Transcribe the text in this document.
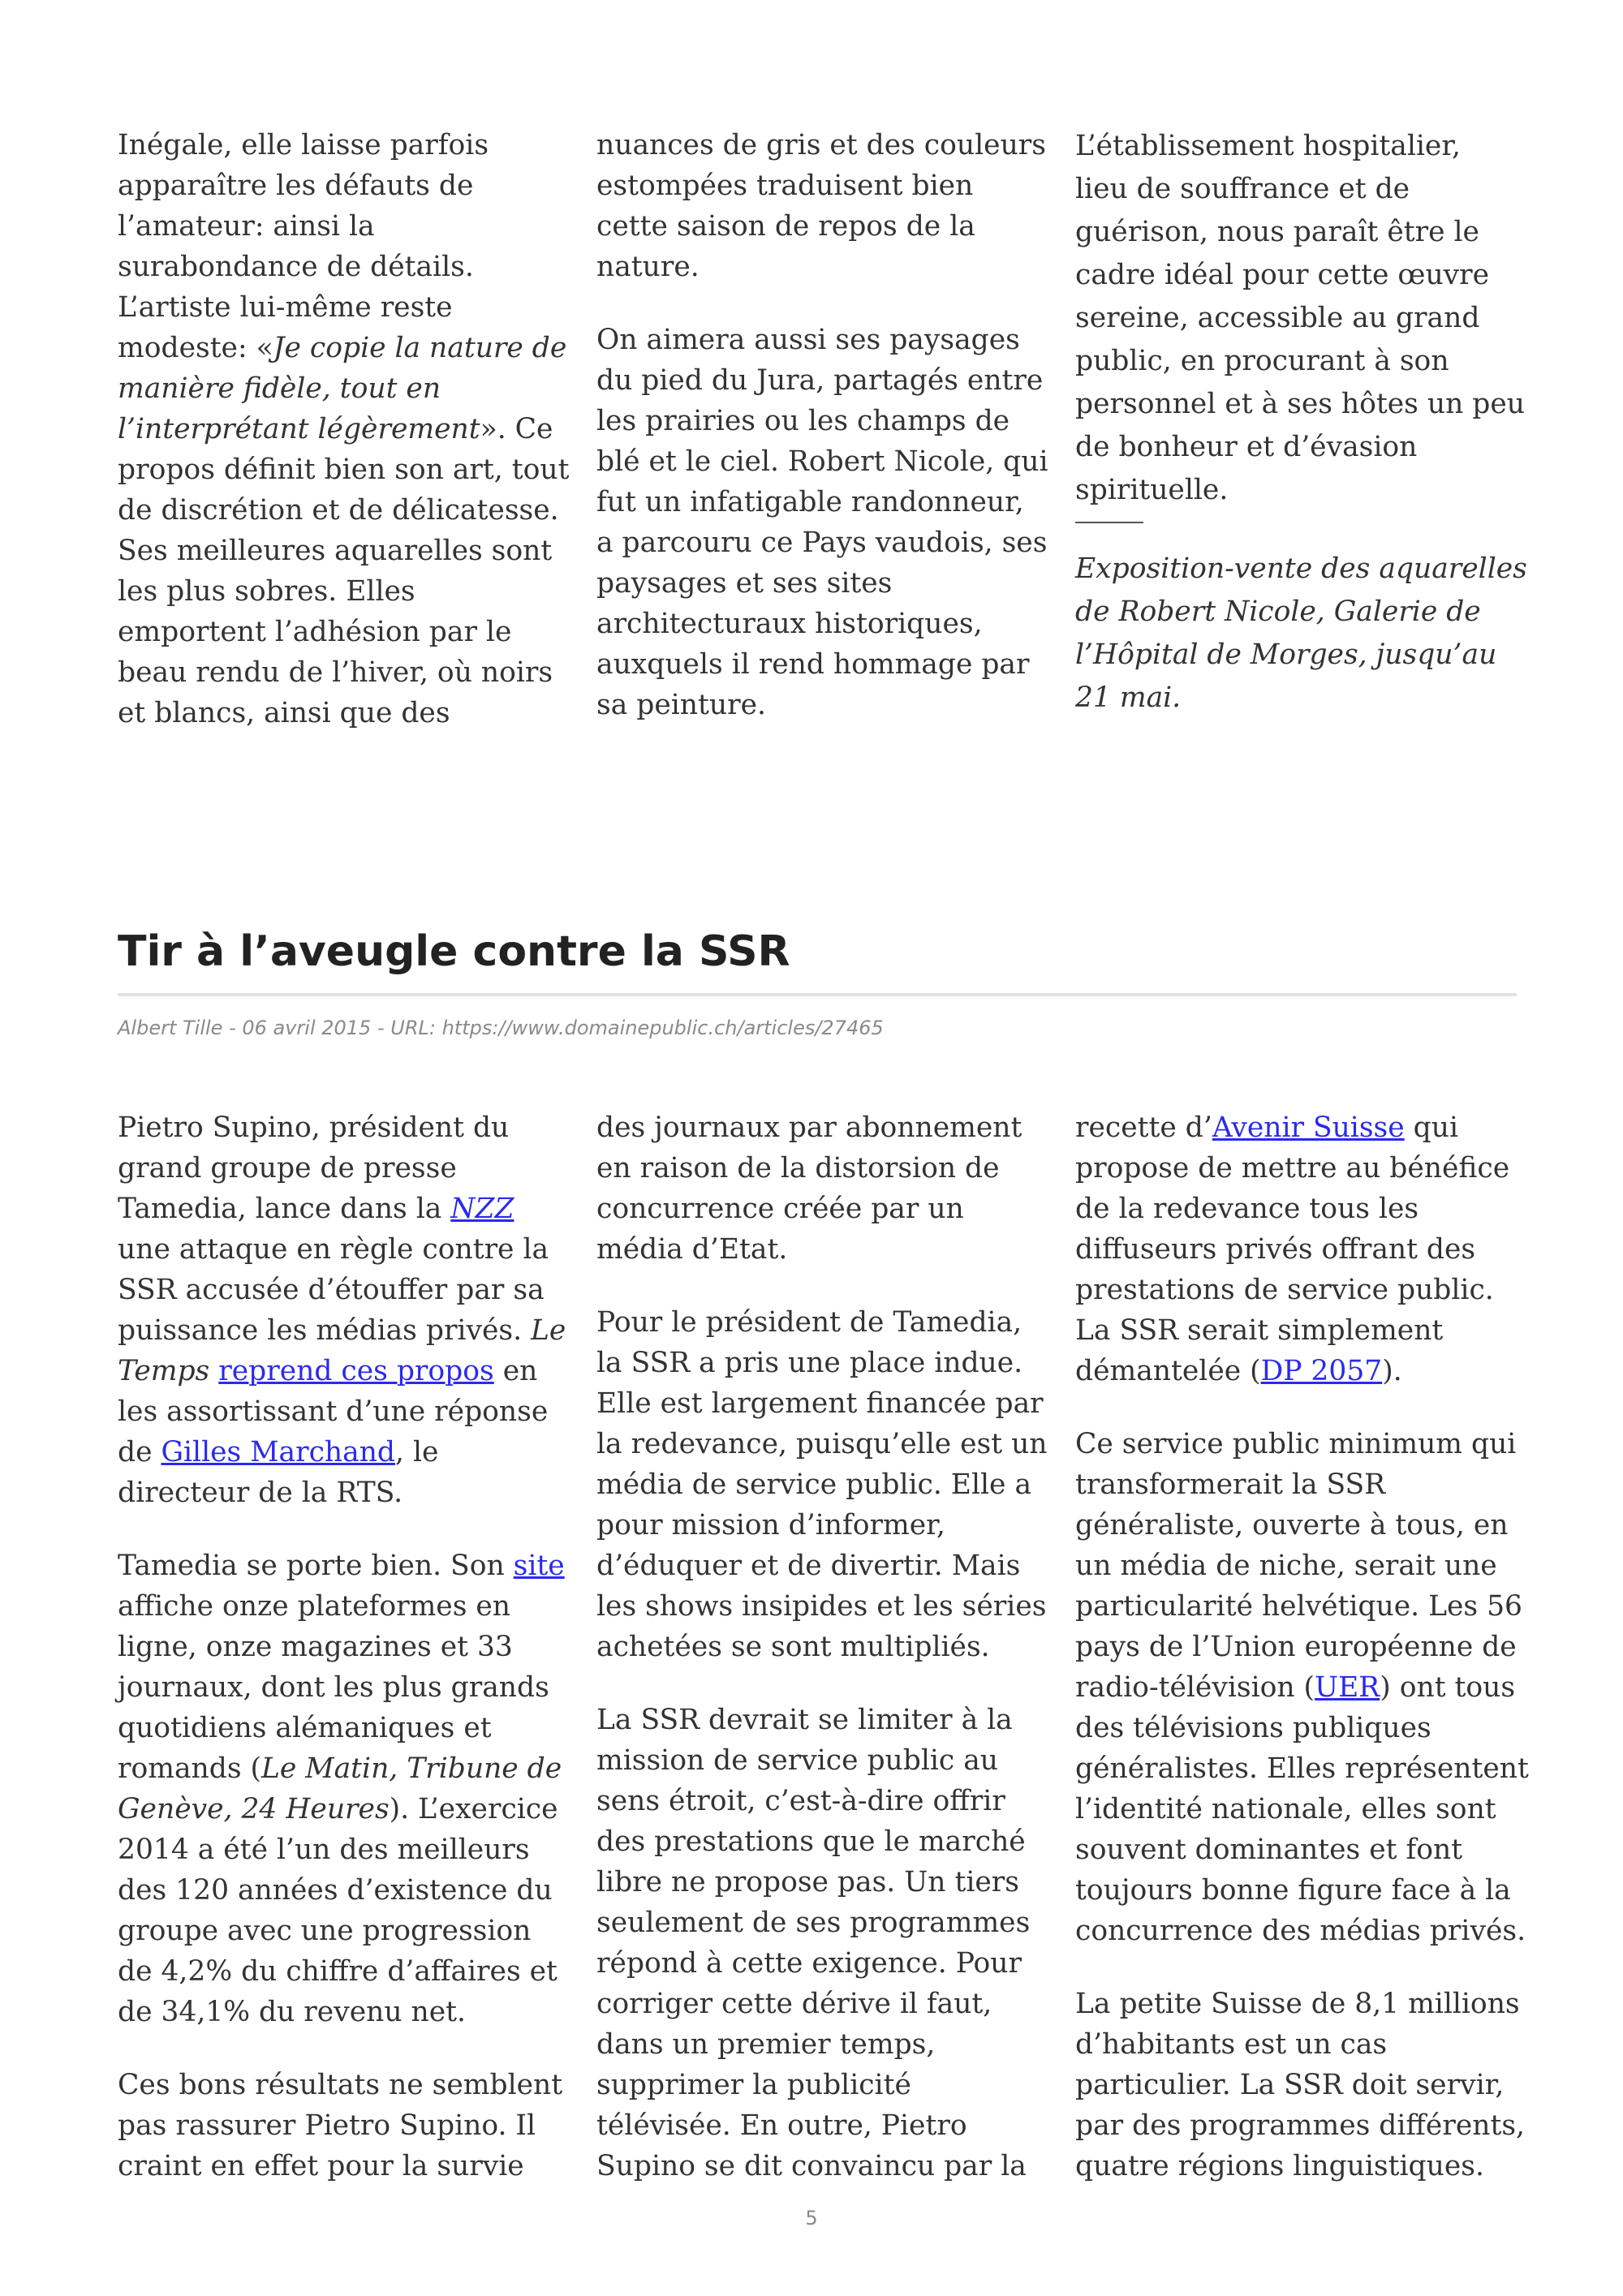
Inégale, elle laisse parfois
apparaître les défauts de
l’amateur: ainsi la
surabondance de détails.
L’artiste lui-même reste
modeste: «Je copie la nature de
manière fidèle, tout en
l’interprétant légèrement». Ce
propos définit bien son art, tout
de discrétion et de délicatesse.
Ses meilleures aquarelles sont
les plus sobres. Elles
emportent l’adhésion par le
beau rendu de l’hiver, où noirs
et blancs, ainsi que des

nuances de gris et des couleurs
estompées traduisent bien
cette saison de repos de la
nature.

On aimera aussi ses paysages
du pied du Jura, partagés entre
les prairies ou les champs de
blé et le ciel. Robert Nicole, qui
fut un infatigable randonneur,
a parcouru ce Pays vaudois, ses
paysages et ses sites
architecturaux historiques,
auxquels il rend hommage par
sa peinture.

L’établissement hospitalier,
lieu de souffrance et de
guérison, nous paraît être le
cadre idéal pour cette œuvre
sereine, accessible au grand
public, en procurant à son
personnel et à ses hôtes un peu
de bonheur et d’évasion
spirituelle.

Exposition-vente des aquarelles
de Robert Nicole, Galerie de
l’Hôpital de Morges, jusqu’au
21 mai.

Tir à l’aveugle contre la SSR

Albert Tille - 06 avril 2015 - URL: https://www.domainepublic.ch/articles/27465

Pietro Supino, président du
grand groupe de presse
Tamedia, lance dans la NZZ
une attaque en règle contre la
SSR accusée d’étouffer par sa
puissance les médias privés. Le
Temps reprend ces propos en
les assortissant d’une réponse
de Gilles Marchand, le
directeur de la RTS.

Tamedia se porte bien. Son site
affiche onze plateformes en
ligne, onze magazines et 33
journaux, dont les plus grands
quotidiens alémaniques et
romands (Le Matin, Tribune de
Genève, 24 Heures). L’exercice
2014 a été l’un des meilleurs
des 120 années d’existence du
groupe avec une progression
de 4,2% du chiffre d’affaires et
de 34,1% du revenu net.

Ces bons résultats ne semblent
pas rassurer Pietro Supino. Il
craint en effet pour la survie

des journaux par abonnement
en raison de la distorsion de
concurrence créée par un
média d’Etat.

Pour le président de Tamedia,
la SSR a pris une place indue.
Elle est largement financée par
la redevance, puisqu’elle est un
média de service public. Elle a
pour mission d’informer,
d’éduquer et de divertir. Mais
les shows insipides et les séries
achetées se sont multipliés.

La SSR devrait se limiter à la
mission de service public au
sens étroit, c’est-à-dire offrir
des prestations que le marché
libre ne propose pas. Un tiers
seulement de ses programmes
répond à cette exigence. Pour
corriger cette dérive il faut,
dans un premier temps,
supprimer la publicité
télévisée. En outre, Pietro
Supino se dit convaincu par la

recette d’Avenir Suisse qui
propose de mettre au bénéfice
de la redevance tous les
diffuseurs privés offrant des
prestations de service public.
La SSR serait simplement
démantelée (DP 2057).

Ce service public minimum qui
transformerait la SSR
généraliste, ouverte à tous, en
un média de niche, serait une
particularité helvétique. Les 56
pays de l’Union européenne de
radio-télévision (UER) ont tous
des télévisions publiques
généralistes. Elles représentent
l’identité nationale, elles sont
souvent dominantes et font
toujours bonne figure face à la
concurrence des médias privés.

La petite Suisse de 8,1 millions
d’habitants est un cas
particulier. La SSR doit servir,
par des programmes différents,
quatre régions linguistiques.

5
